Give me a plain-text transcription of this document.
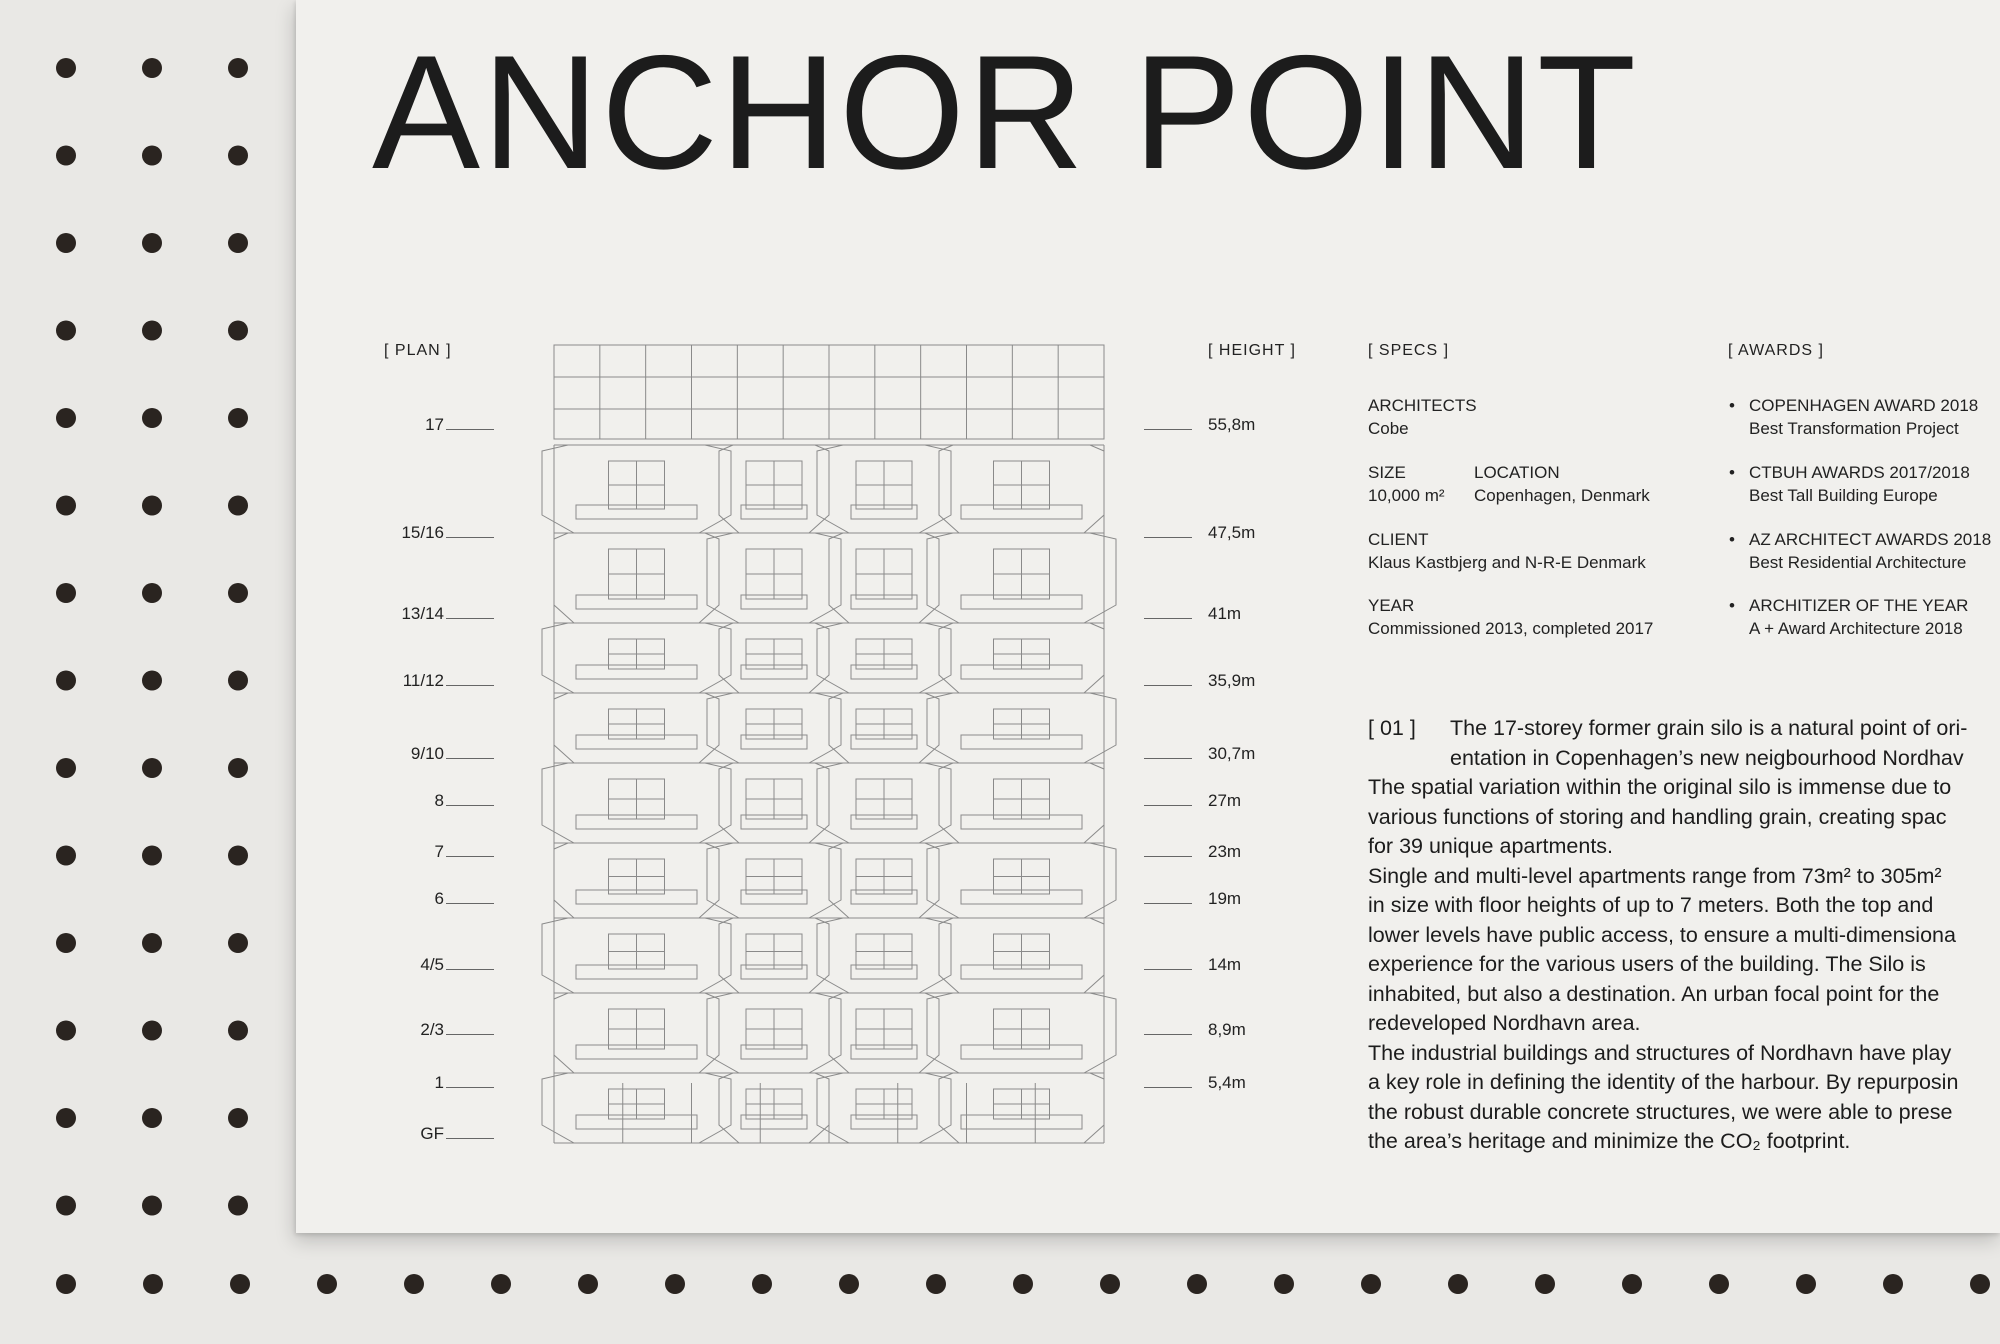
ANCHOR POINT
[ PLAN ]	[ HEIGHT ]	[ SPECS ]	[ AWARDS ]
17	55,8m
15/16	47,5m
13/14	41m
11/12	35,9m
9/10	30,7m
8	27m
7	23m
6	19m
4/5	14m
2/3	8,9m
1	5,4m
GF
ARCHITECTS
Cobe
SIZE
10,000 m²
LOCATION
Copenhagen, Denmark
CLIENT
Klaus Kastbjerg and N-R-E Denmark
YEAR
Commissioned 2013, completed 2017
• COPENHAGEN AWARD 2018
Best Transformation Project
• CTBUH AWARDS 2017/2018
Best Tall Building Europe
• AZ ARCHITECT AWARDS 2018
Best Residential Architecture
• ARCHITIZER OF THE YEAR
A + Award Architecture 2018

[ 01 ] The 17-storey former grain silo is a natural point of ori-

entation in Copenhagen’s new neigbourhood Nordhav

The spatial variation within the original silo is immense due to

various functions of storing and handling grain, creating spac

for 39 unique apartments.

Single and multi-level apartments range from 73m² to 305m²

in size with floor heights of up to 7 meters. Both the top and

lower levels have public access, to ensure a multi-dimensiona

experience for the various users of the building. The Silo is

inhabited, but also a destination. An urban focal point for the

redeveloped Nordhavn area.

The industrial buildings and structures of Nordhavn have play

a key role in defining the identity of the harbour. By repurposin

the robust durable concrete structures, we were able to prese

the area’s heritage and minimize the CO₂ footprint.
